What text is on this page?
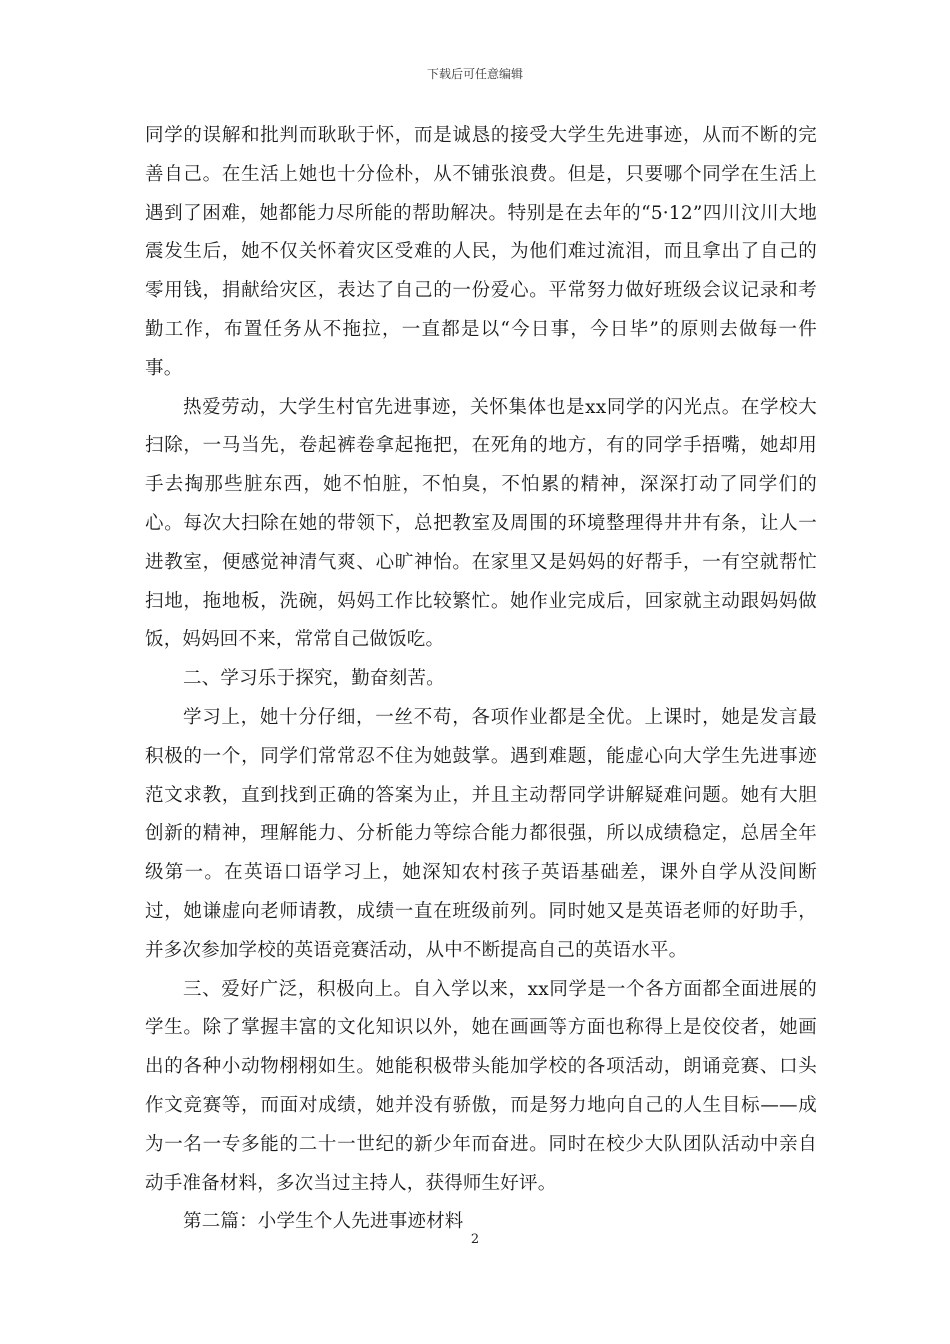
下载后可任意编辑

同学的误解和批判而耿耿于怀，而是诚恳的接受大学生先进事迹，从而不断的完善自己。在生活上她也十分俭朴，从不铺张浪费。但是，只要哪个同学在生活上遇到了困难，她都能力尽所能的帮助解决。特别是在去年的“5·12”四川汶川大地震发生后，她不仅关怀着灾区受难的人民，为他们难过流泪，而且拿出了自己的零用钱，捐献给灾区，表达了自己的一份爱心。平常努力做好班级会议记录和考勤工作，布置任务从不拖拉，一直都是以“今日事，今日毕”的原则去做每一件事。

热爱劳动，大学生村官先进事迹，关怀集体也是xx同学的闪光点。在学校大扫除，一马当先，卷起裤卷拿起拖把，在死角的地方，有的同学手捂嘴，她却用手去掏那些脏东西，她不怕脏，不怕臭，不怕累的精神，深深打动了同学们的心。每次大扫除在她的带领下，总把教室及周围的环境整理得井井有条，让人一进教室，便感觉神清气爽、心旷神怡。在家里又是妈妈的好帮手，一有空就帮忙扫地，拖地板，洗碗，妈妈工作比较繁忙。她作业完成后，回家就主动跟妈妈做饭，妈妈回不来，常常自己做饭吃。

二、学习乐于探究，勤奋刻苦。

学习上，她十分仔细，一丝不苟，各项作业都是全优。上课时，她是发言最积极的一个，同学们常常忍不住为她鼓掌。遇到难题，能虚心向大学生先进事迹范文求教，直到找到正确的答案为止，并且主动帮同学讲解疑难问题。她有大胆创新的精神，理解能力、分析能力等综合能力都很强，所以成绩稳定，总居全年级第一。在英语口语学习上，她深知农村孩子英语基础差，课外自学从没间断过，她谦虚向老师请教，成绩一直在班级前列。同时她又是英语老师的好助手，并多次参加学校的英语竞赛活动，从中不断提高自己的英语水平。

三、爱好广泛，积极向上。自入学以来，xx同学是一个各方面都全面进展的学生。除了掌握丰富的文化知识以外，她在画画等方面也称得上是佼佼者，她画出的各种小动物栩栩如生。她能积极带头能加学校的各项活动，朗诵竞赛、口头作文竞赛等，而面对成绩，她并没有骄傲，而是努力地向自己的人生目标——成为一名一专多能的二十一世纪的新少年而奋进。同时在校少大队团队活动中亲自动手准备材料，多次当过主持人，获得师生好评。

第二篇：小学生个人先进事迹材料

2
